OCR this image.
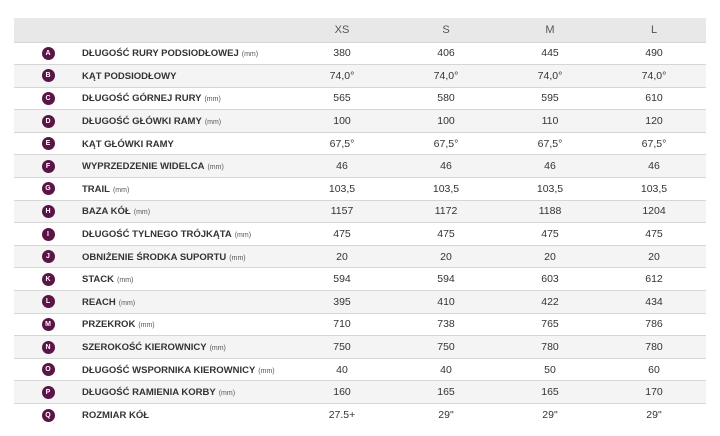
		XS	S	M	L
A	DŁUGOŚĆ RURY PODSIODŁOWEJ (mm)	380	406	445	490
B	KĄT PODSIODŁOWY	74,0°	74,0°	74,0°	74,0°
C	DŁUGOŚĆ GÓRNEJ RURY (mm)	565	580	595	610
D	DŁUGOŚĆ GŁÓWKI RAMY (mm)	100	100	110	120
E	KĄT GŁÓWKI RAMY	67,5°	67,5°	67,5°	67,5°
F	WYPRZEDZENIE WIDELCA (mm)	46	46	46	46
G	TRAIL (mm)	103,5	103,5	103,5	103,5
H	BAZA KÓŁ (mm)	1157	1172	1188	1204
I	DŁUGOŚĆ TYLNEGO TRÓJKĄTA (mm)	475	475	475	475
J	OBNIŻENIE ŚRODKA SUPORTU (mm)	20	20	20	20
K	STACK (mm)	594	594	603	612
L	REACH (mm)	395	410	422	434
M	PRZEKROK (mm)	710	738	765	786
N	SZEROKOŚĆ KIEROWNICY (mm)	750	750	780	780
O	DŁUGOŚĆ WSPORNIKA KIEROWNICY (mm)	40	40	50	60
P	DŁUGOŚĆ RAMIENIA KORBY (mm)	160	165	165	170
Q	ROZMIAR KÓŁ	27.5+	29"	29"	29"
